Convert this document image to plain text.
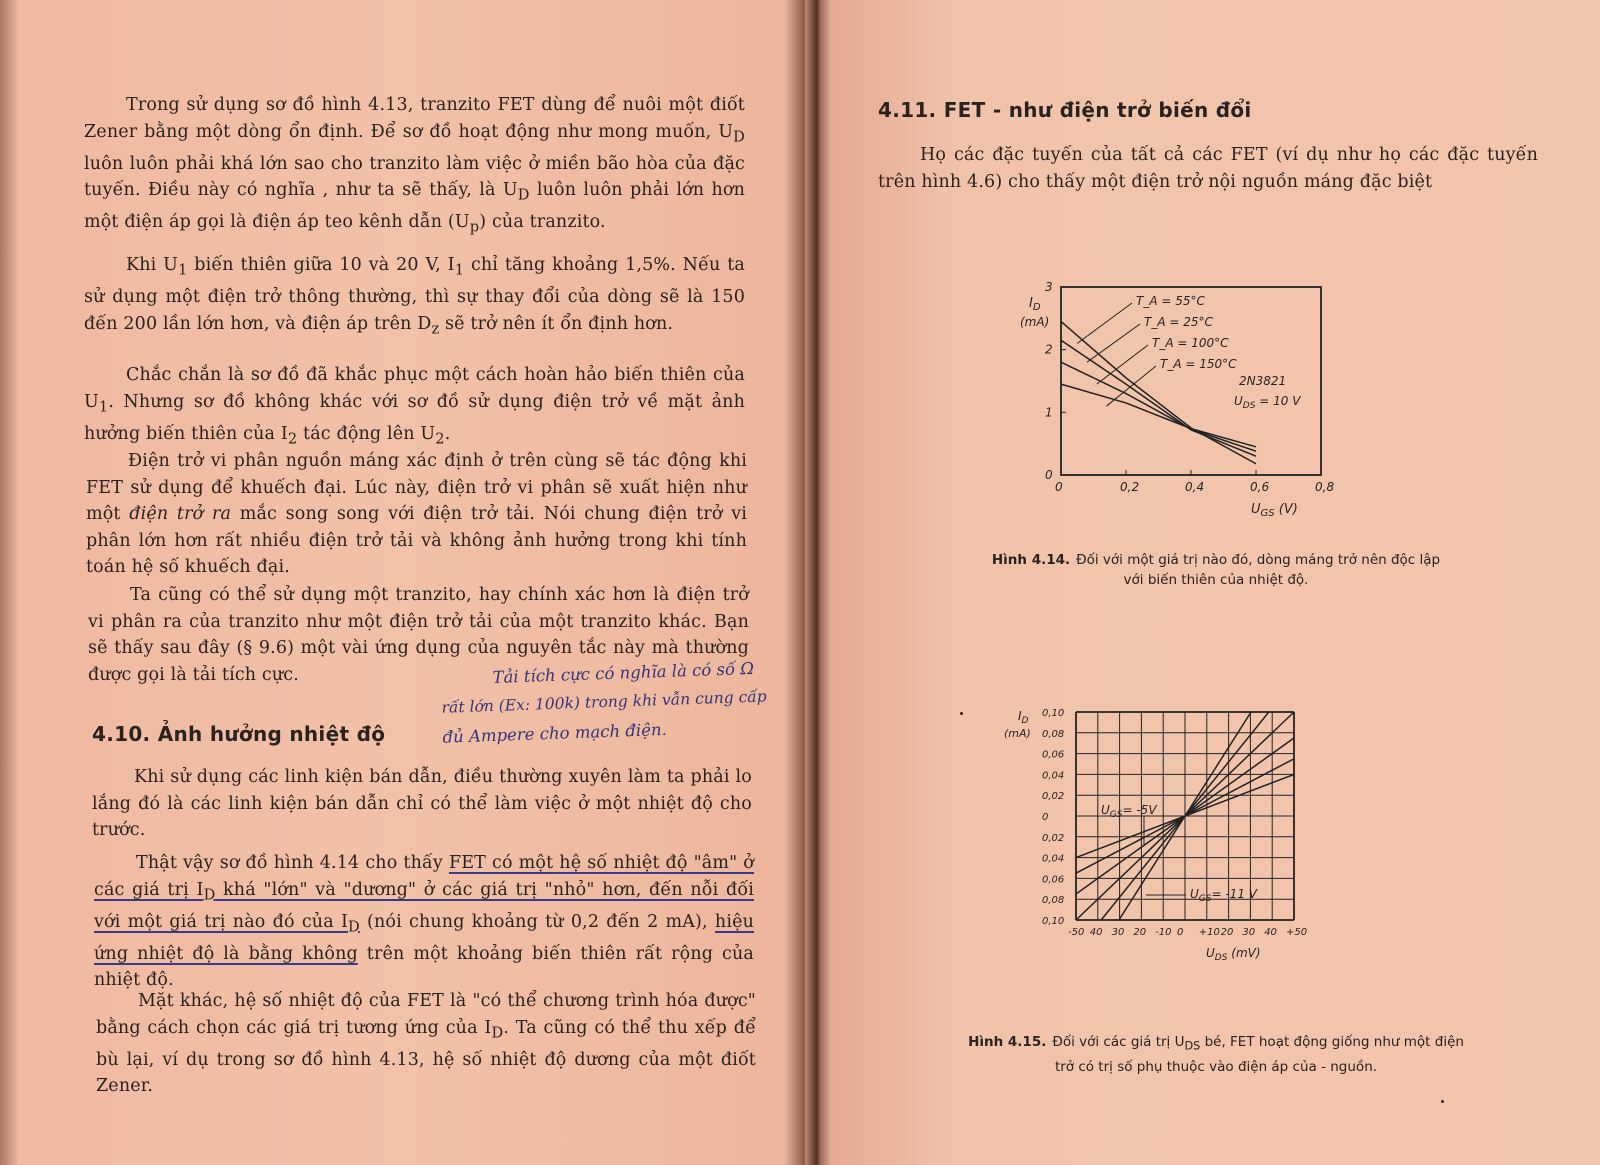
Trong sử dụng sơ đồ hình 4.13, tranzito FET dùng để nuôi một điốt Zener bằng một dòng ổn định. Để sơ đồ hoạt động như mong muốn, $U_D$ luôn luôn phải khá lớn sao cho tranzito làm việc ở miền bão hòa của đặc tuyến. Điều này có nghĩa , như ta sẽ thấy, là $U_D$ luôn luôn phải lớn hơn một điện áp gọi là điện áp teo kênh dẫn $(U_p)$ của tranzito.

Khi $U_1$ biến thiên giữa 10 và 20 V, $I_1$ chỉ tăng khoảng 1,5%. Nếu ta sử dụng một điện trở thông thường, thì sự thay đổi của dòng sẽ là 150 đến 200 lần lớn hơn, và điện áp trên $D_z$ sẽ trở nên ít ổn định hơn.

Chắc chắn là sơ đồ đã khắc phục một cách hoàn hảo biến thiên của $U_1$. Nhưng sơ đồ không khác với sơ đồ sử dụng điện trở về mặt ảnh hưởng biến thiên của $I_2$ tác động lên $U_2$.

Điện trở vi phân nguồn máng xác định ở trên cùng sẽ tác động khi FET sử dụng để khuếch đại. Lúc này, điện trở vi phân sẽ xuất hiện như một điện trở ra mắc song song với điện trở tải. Nói chung điện trở vi phân lớn hơn rất nhiều điện trở tải và không ảnh hưởng trong khi tính toán hệ số khuếch đại.

Ta cũng có thể sử dụng một tranzito, hay chính xác hơn là điện trở vi phân ra của tranzito như một điện trở tải của một tranzito khác. Bạn sẽ thấy sau đây (§ 9.6) một vài ứng dụng của nguyên tắc này mà thường được gọi là tải tích cực.	Tải tích cực có nghĩa là có số Ω
rất lớn (Ex: 100k) trong khi vẫn cung cấp
đủ Ampere cho mạch điện.
4.10. Ảnh hưởng nhiệt độ

Khi sử dụng các linh kiện bán dẫn, điều thường xuyên làm ta phải lo lắng đó là các linh kiện bán dẫn chỉ có thể làm việc ở một nhiệt độ cho trước.

Thật vậy sơ đồ hình 4.14 cho thấy FET có một hệ số nhiệt độ "âm" ở các giá trị $I_D$ khá "lớn" và "dương" ở các giá trị "nhỏ" hơn, đến nỗi đối với một giá trị nào đó của $I_D$ (nói chung khoảng từ 0,2 đến 2 mA), hiệu ứng nhiệt độ là bằng không trên một khoảng biến thiên rất rộng của nhiệt độ.

Mặt khác, hệ số nhiệt độ của FET là "có thể chương trình hóa được" bằng cách chọn các giá trị tương ứng của $I_D$. Ta cũng có thể thu xếp để bù lại, ví dụ trong sơ đồ hình 4.13, hệ số nhiệt độ dương của một điốt Zener.

4.11. FET - như điện trở biến đổi

Họ các đặc tuyến của tất cả các FET (ví dụ như họ các đặc tuyến trên hình 4.6) cho thấy một điện trở nội nguồn máng đặc biệt

0	0,2	0,4	0,6	0,8
0
1
2
3
T_A = 55°C
T_A = 25°C
T_A = 100°C
T_A = 150°C
$U_{GS}$ (V)
$I_D$
(mA)
2N3821
$U_{DS} = 10$ V
Hình 4.14. Đối với một giá trị nào đó, dòng máng trở nên độc lập
với biến thiên của nhiệt độ.
-50 40 30 20 -10 0 +10 20 30 40 +50
0,10
0,08
0,06
0,04
0,02
0
0,02
0,04
0,06
0,08
0,10
$U_{GS}= -5V$
$U_{GS}= -11$ V
$U_{DS}$ (mV)
$I_D$
(mA)
Hình 4.15. Đối với các giá trị $U_{DS}$ bé, FET hoạt động giống như một điện
trở có trị số phụ thuộc vào điện áp của - nguồn.
